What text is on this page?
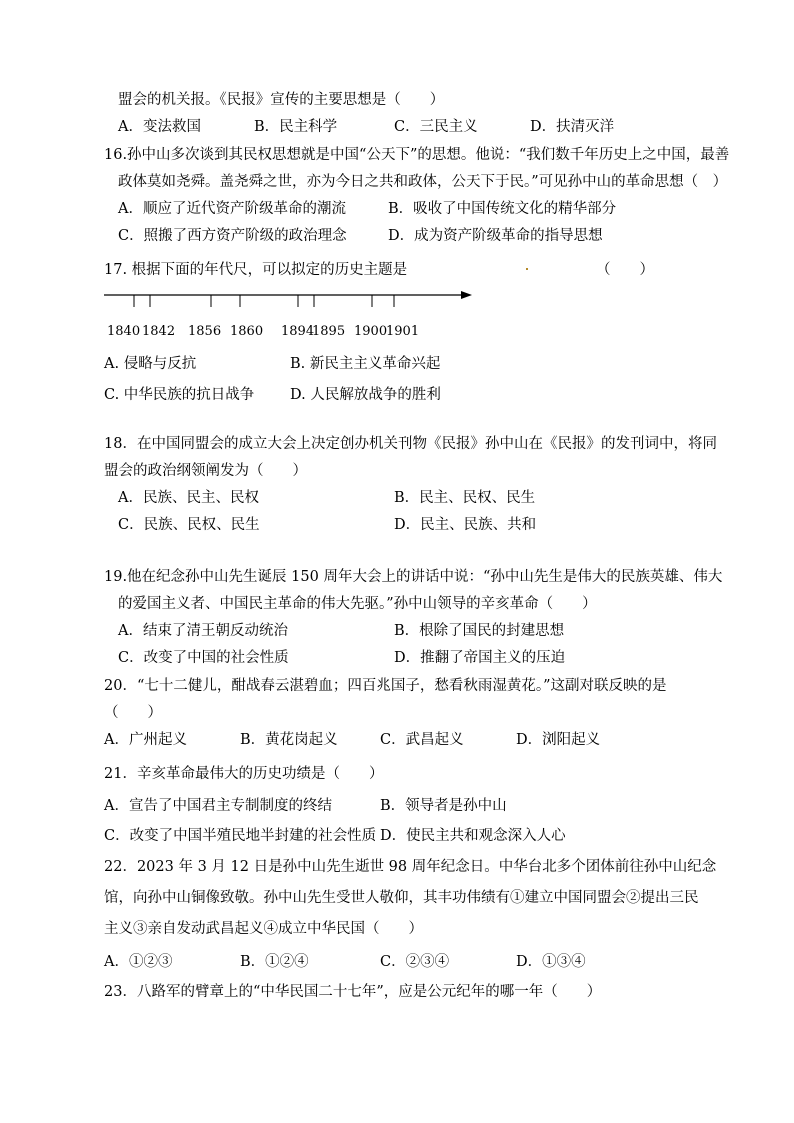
盟会的机关报。《民报》宣传的主要思想是（　　）
A．变法救国	B．民主科学	C．三民主义	D．扶清灭洋
16.孙中山多次谈到其民权思想就是中国“公天下”的思想。他说：“我们数千年历史上之中国，最善
政体莫如尧舜。盖尧舜之世，亦为今日之共和政体，公天下于民。”可见孙中山的革命思想（　）
A．顺应了近代资产阶级革命的潮流	B．吸收了中国传统文化的精华部分
C．照搬了西方资产阶级的政治理念	D．成为资产阶级革命的指导思想
17. 根据下面的年代尺，可以拟定的历史主题是	（　　）
1840 1842 1856 1860 1894
1895 1900
1901
A. 侵略与反抗	B. 新民主主义革命兴起
C. 中华民族的抗日战争 D. 人民解放战争的胜利
18．在中国同盟会的成立大会上决定创办机关刊物《民报》孙中山在《民报》的发刊词中，将同
盟会的政治纲领阐发为（　　）
A．民族、民主、民权	B．民主、民权、民生
C．民族、民权、民生	D．民主、民族、共和
19.他在纪念孙中山先生诞辰 150 周年大会上的讲话中说：“孙中山先生是伟大的民族英雄、伟大
的爱国主义者、中国民主革命的伟大先驱。”孙中山领导的辛亥革命（　　）
A．结束了清王朝反动统治	B．根除了国民的封建思想
C．改变了中国的社会性质	D．推翻了帝国主义的压迫
20．“七十二健儿，酣战春云湛碧血；四百兆国子，愁看秋雨湿黄花。”这副对联反映的是
（　　）
A．广州起义	B．黄花岗起义	C．武昌起义	D．浏阳起义
21．辛亥革命最伟大的历史功绩是（　　）
A．宣告了中国君主专制制度的终结	B．领导者是孙中山
C．改变了中国半殖民地半封建的社会性质 D．使民主共和观念深入人心
22．2023 年 3 月 12 日是孙中山先生逝世 98 周年纪念日。中华台北多个团体前往孙中山纪念
馆，向孙中山铜像致敬。孙中山先生受世人敬仰，其丰功伟绩有①建立中国同盟会②提出三民
主义③亲自发动武昌起义④成立中华民国（　　）
A．①②③	B．①②④	C．②③④	D．①③④
23．八路军的臂章上的“中华民国二十七年”，应是公元纪年的哪一年（　　）
